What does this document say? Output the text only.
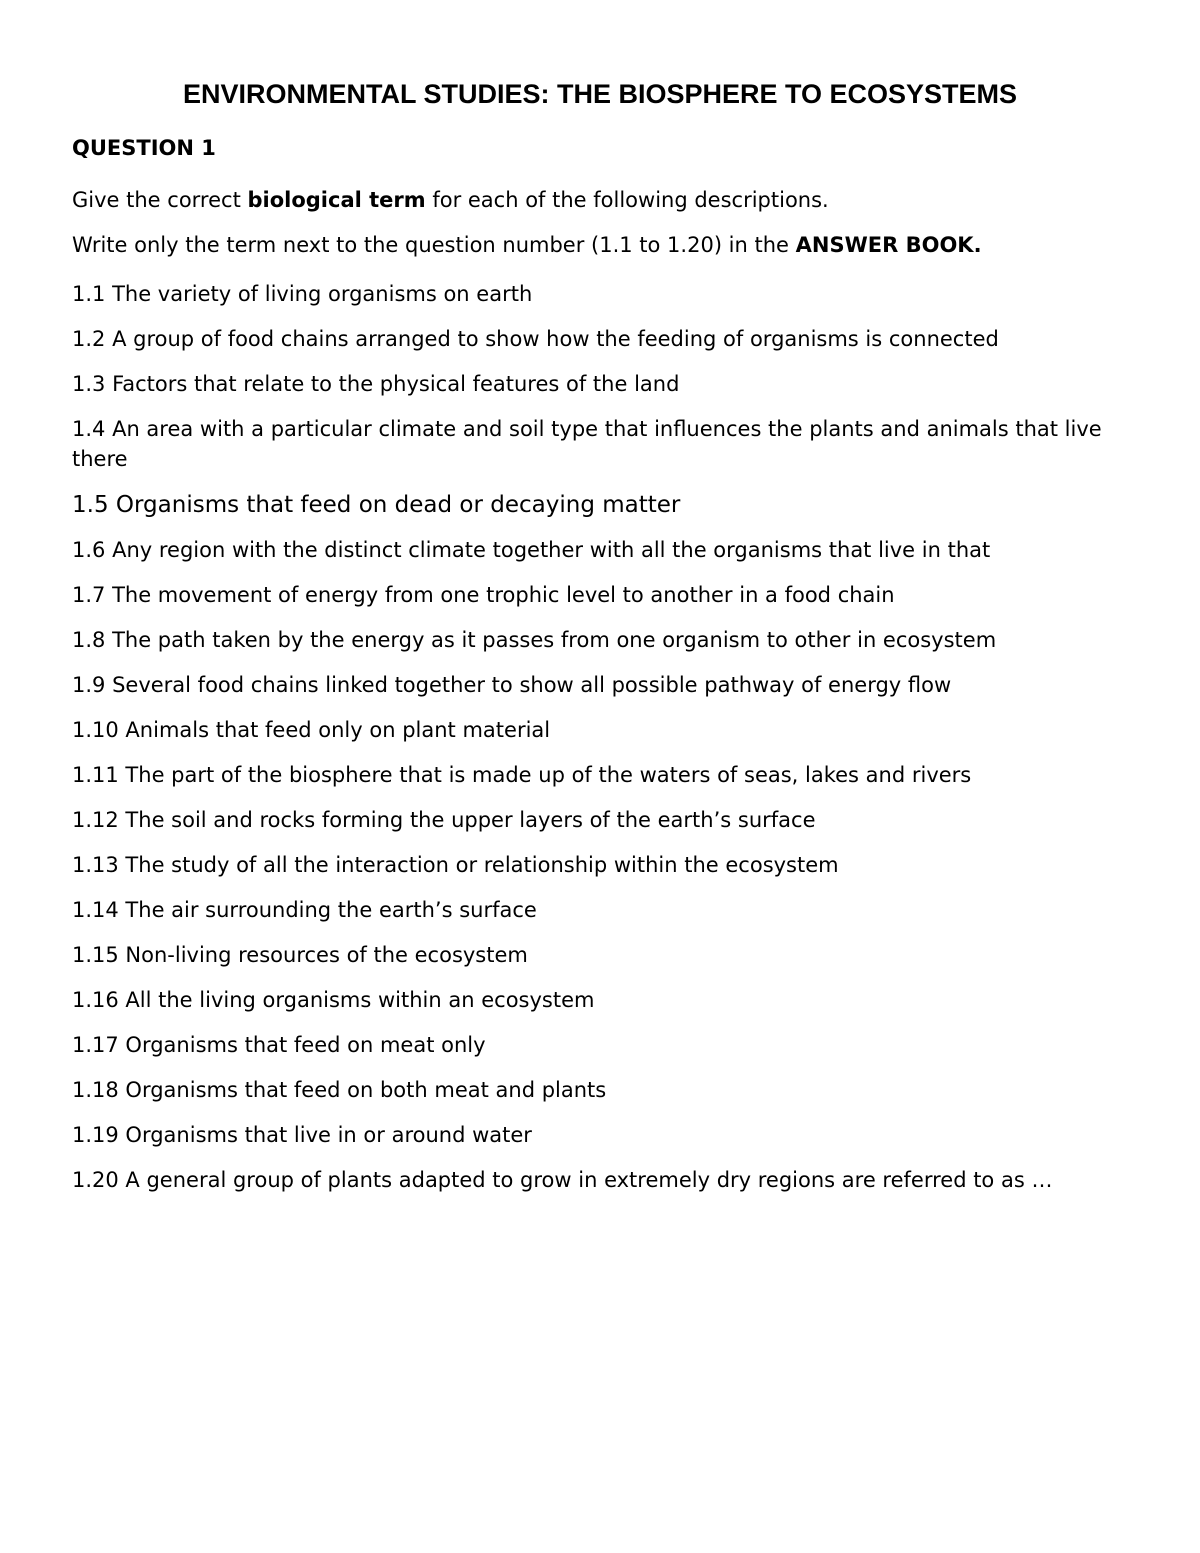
ENVIRONMENTAL STUDIES: THE BIOSPHERE TO ECOSYSTEMS
QUESTION 1

Give the correct biological term for each of the following descriptions.

Write only the term next to the question number (1.1 to 1.20) in the ANSWER BOOK.

1.1 The variety of living organisms on earth
1.2 A group of food chains arranged to show how the feeding of organisms is connected
1.3 Factors that relate to the physical features of the land
1.4 An area with a particular climate and soil type that influences the plants and animals that live there
1.5 Organisms that feed on dead or decaying matter
1.6 Any region with the distinct climate together with all the organisms that live in that
1.7 The movement of energy from one trophic level to another in a food chain
1.8 The path taken by the energy as it passes from one organism to other in ecosystem
1.9 Several food chains linked together to show all possible pathway of energy flow
1.10 Animals that feed only on plant material
1.11 The part of the biosphere that is made up of the waters of seas, lakes and rivers
1.12 The soil and rocks forming the upper layers of the earth’s surface
1.13 The study of all the interaction or relationship within the ecosystem
1.14 The air surrounding the earth’s surface
1.15 Non-living resources of the ecosystem
1.16 All the living organisms within an ecosystem
1.17 Organisms that feed on meat only
1.18 Organisms that feed on both meat and plants
1.19 Organisms that live in or around water
1.20 A general group of plants adapted to grow in extremely dry regions are referred to as …
